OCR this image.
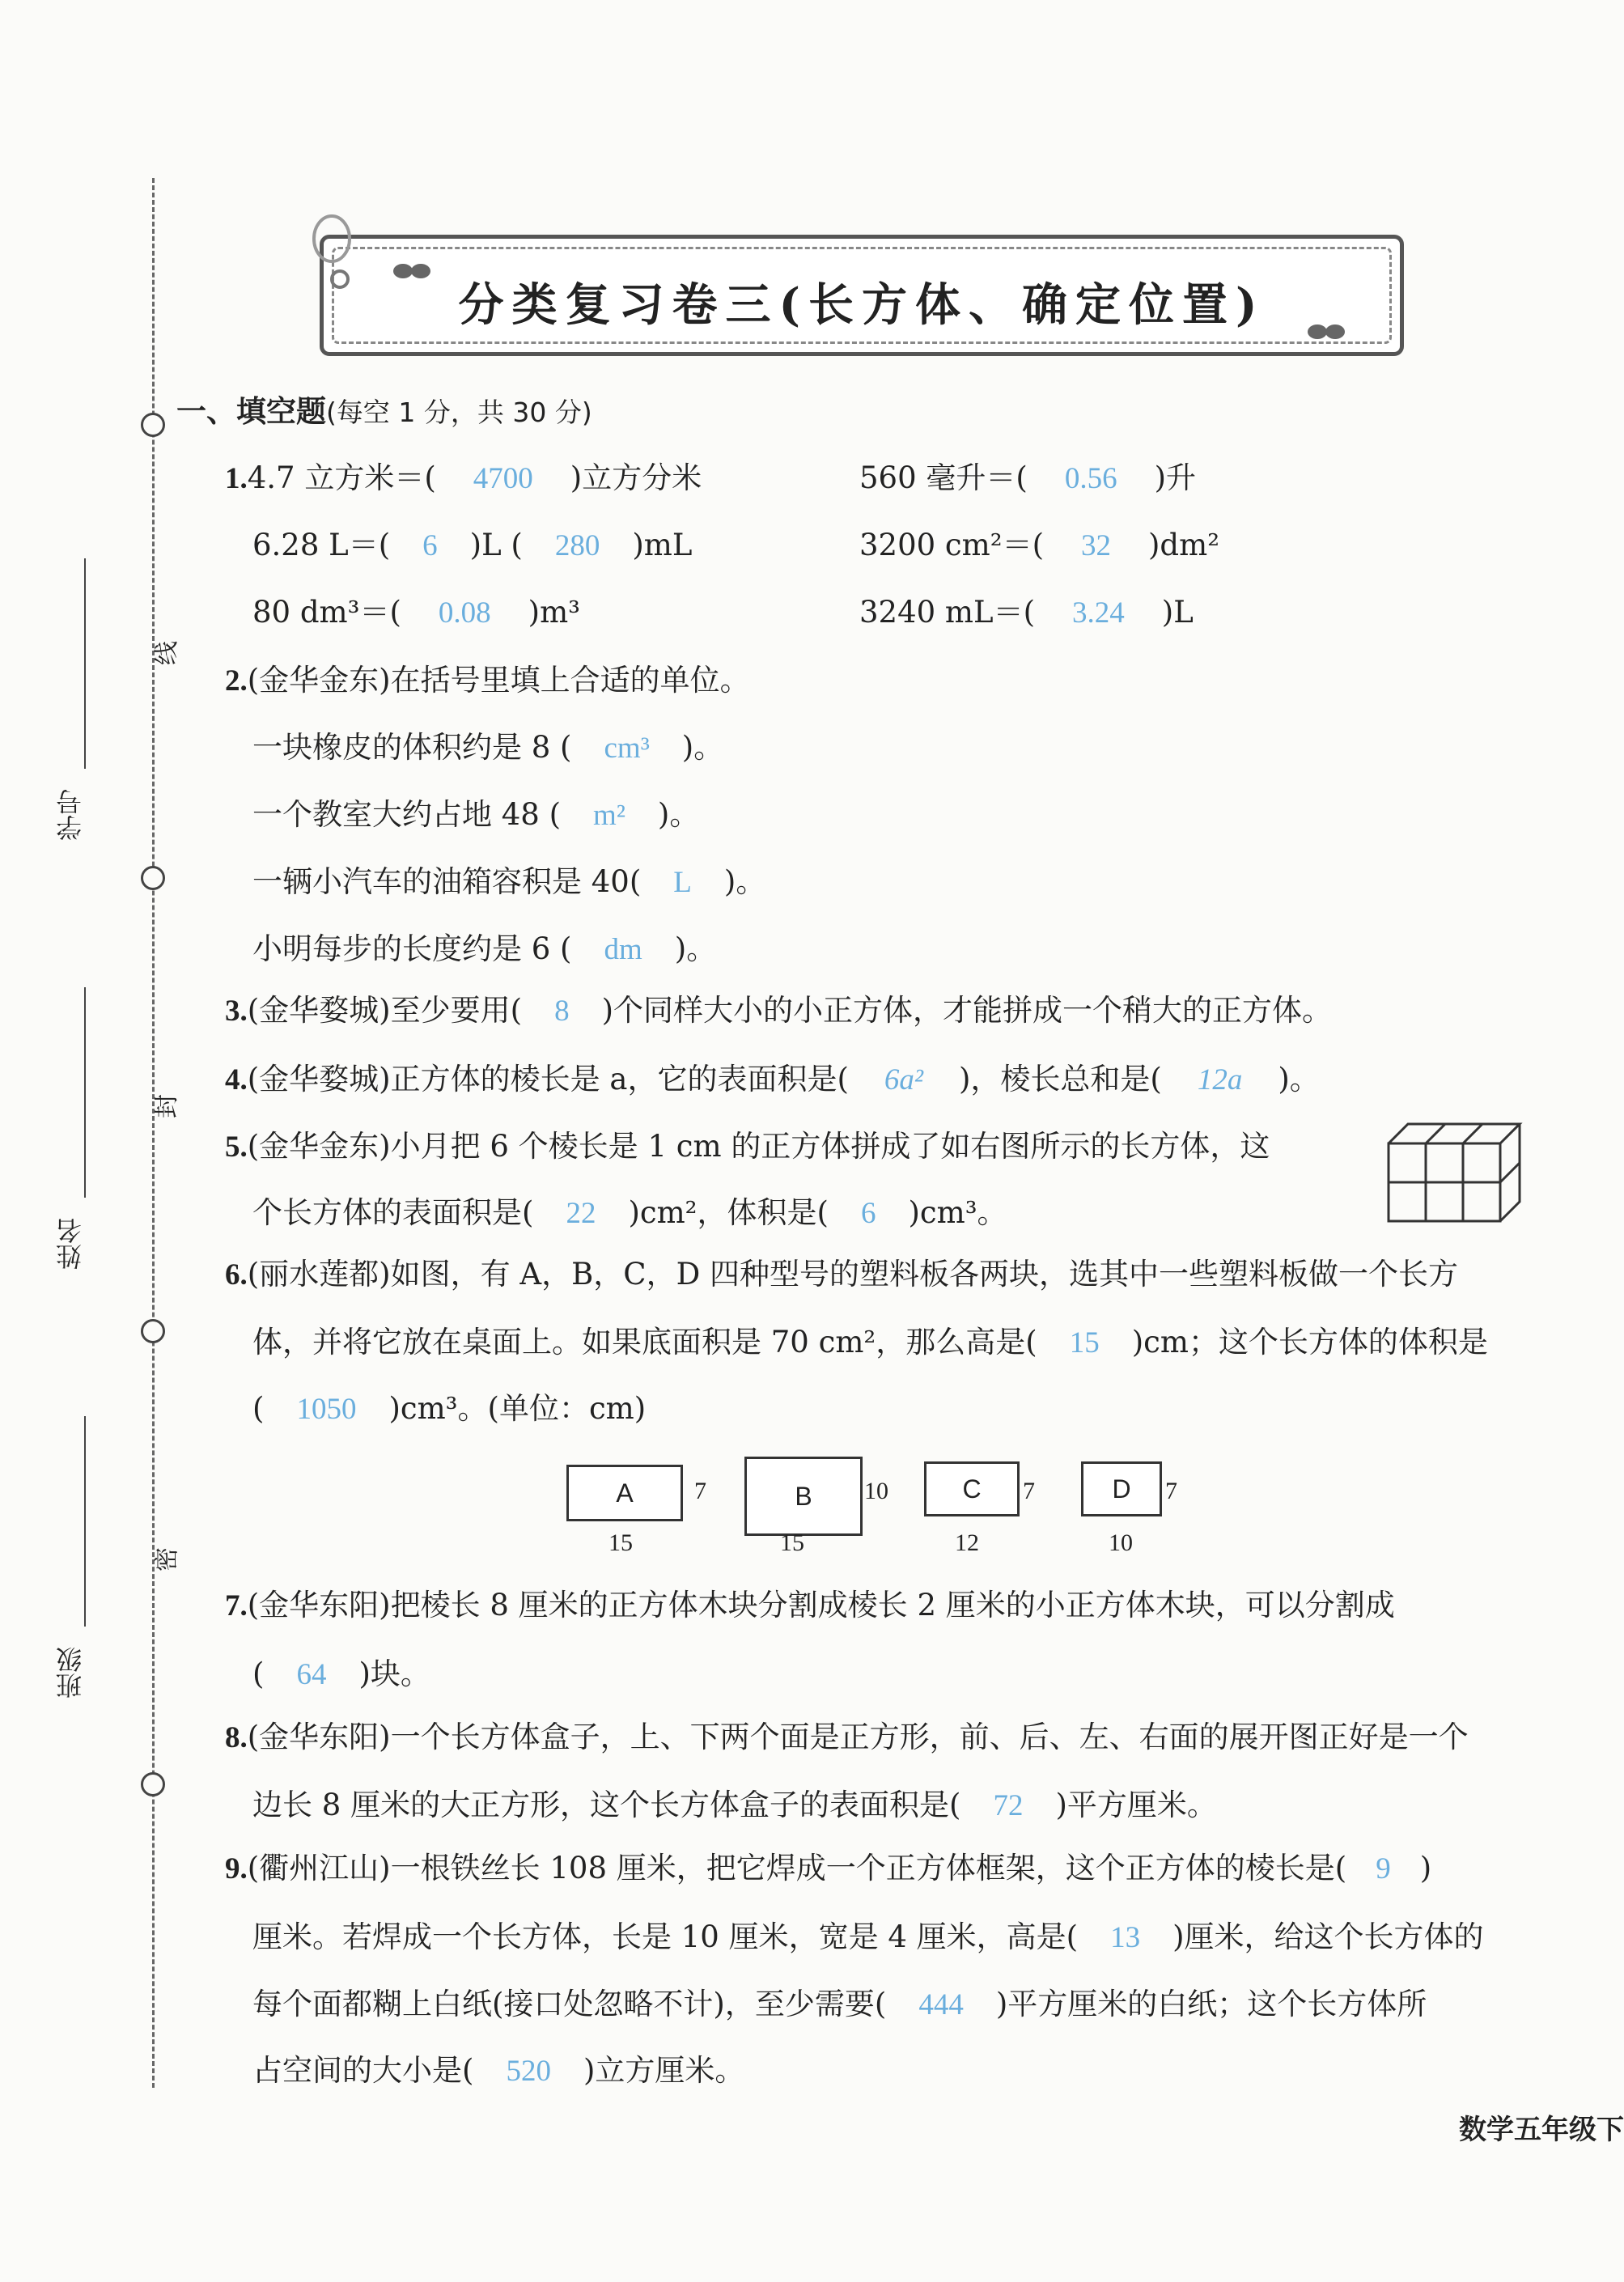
学号
姓名
班级
线
封
密
分类复习卷三(长方体、确定位置)
一、填空题(每空 1 分，共 30 分)
1.4.7 立方米＝( 4700 )立方分米	560 毫升＝( 0.56 )升
6.28 L＝( 6 )L ( 280 )mL	3200 cm²＝( 32 )dm²
80 dm³＝( 0.08 )m³	3240 mL＝( 3.24 )L
2.(金华金东)在括号里填上合适的单位。
一块橡皮的体积约是 8 ( cm³ )。
一个教室大约占地 48 ( m² )。
一辆小汽车的油箱容积是 40( L )。
小明每步的长度约是 6 ( dm )。
3.(金华婺城)至少要用( 8 )个同样大小的小正方体，才能拼成一个稍大的正方体。
4.(金华婺城)正方体的棱长是 a，它的表面积是( 6a² )，棱长总和是( 12a )。
5.(金华金东)小月把 6 个棱长是 1 cm 的正方体拼成了如右图所示的长方体，这
个长方体的表面积是( 22 )cm²，体积是( 6 )cm³。
6.(丽水莲都)如图，有 A，B，C，D 四种型号的塑料板各两块，选其中一些塑料板做一个长方
体，并将它放在桌面上。如果底面积是 70 cm²，那么高是( 15 )cm；这个长方体的体积是
( 1050 )cm³。(单位：cm)
A	7
15
B	10
15
C	7
12
D	7
10
7.(金华东阳)把棱长 8 厘米的正方体木块分割成棱长 2 厘米的小正方体木块，可以分割成
( 64 )块。
8.(金华东阳)一个长方体盒子，上、下两个面是正方形，前、后、左、右面的展开图正好是一个
边长 8 厘米的大正方形，这个长方体盒子的表面积是( 72 )平方厘米。
9.(衢州江山)一根铁丝长 108 厘米，把它焊成一个正方体框架，这个正方体的棱长是( 9 )
厘米。若焊成一个长方体，长是 10 厘米，宽是 4 厘米，高是( 13 )厘米，给这个长方体的
每个面都糊上白纸(接口处忽略不计)，至少需要( 444 )平方厘米的白纸；这个长方体所
占空间的大小是( 520 )立方厘米。
数学五年级下
